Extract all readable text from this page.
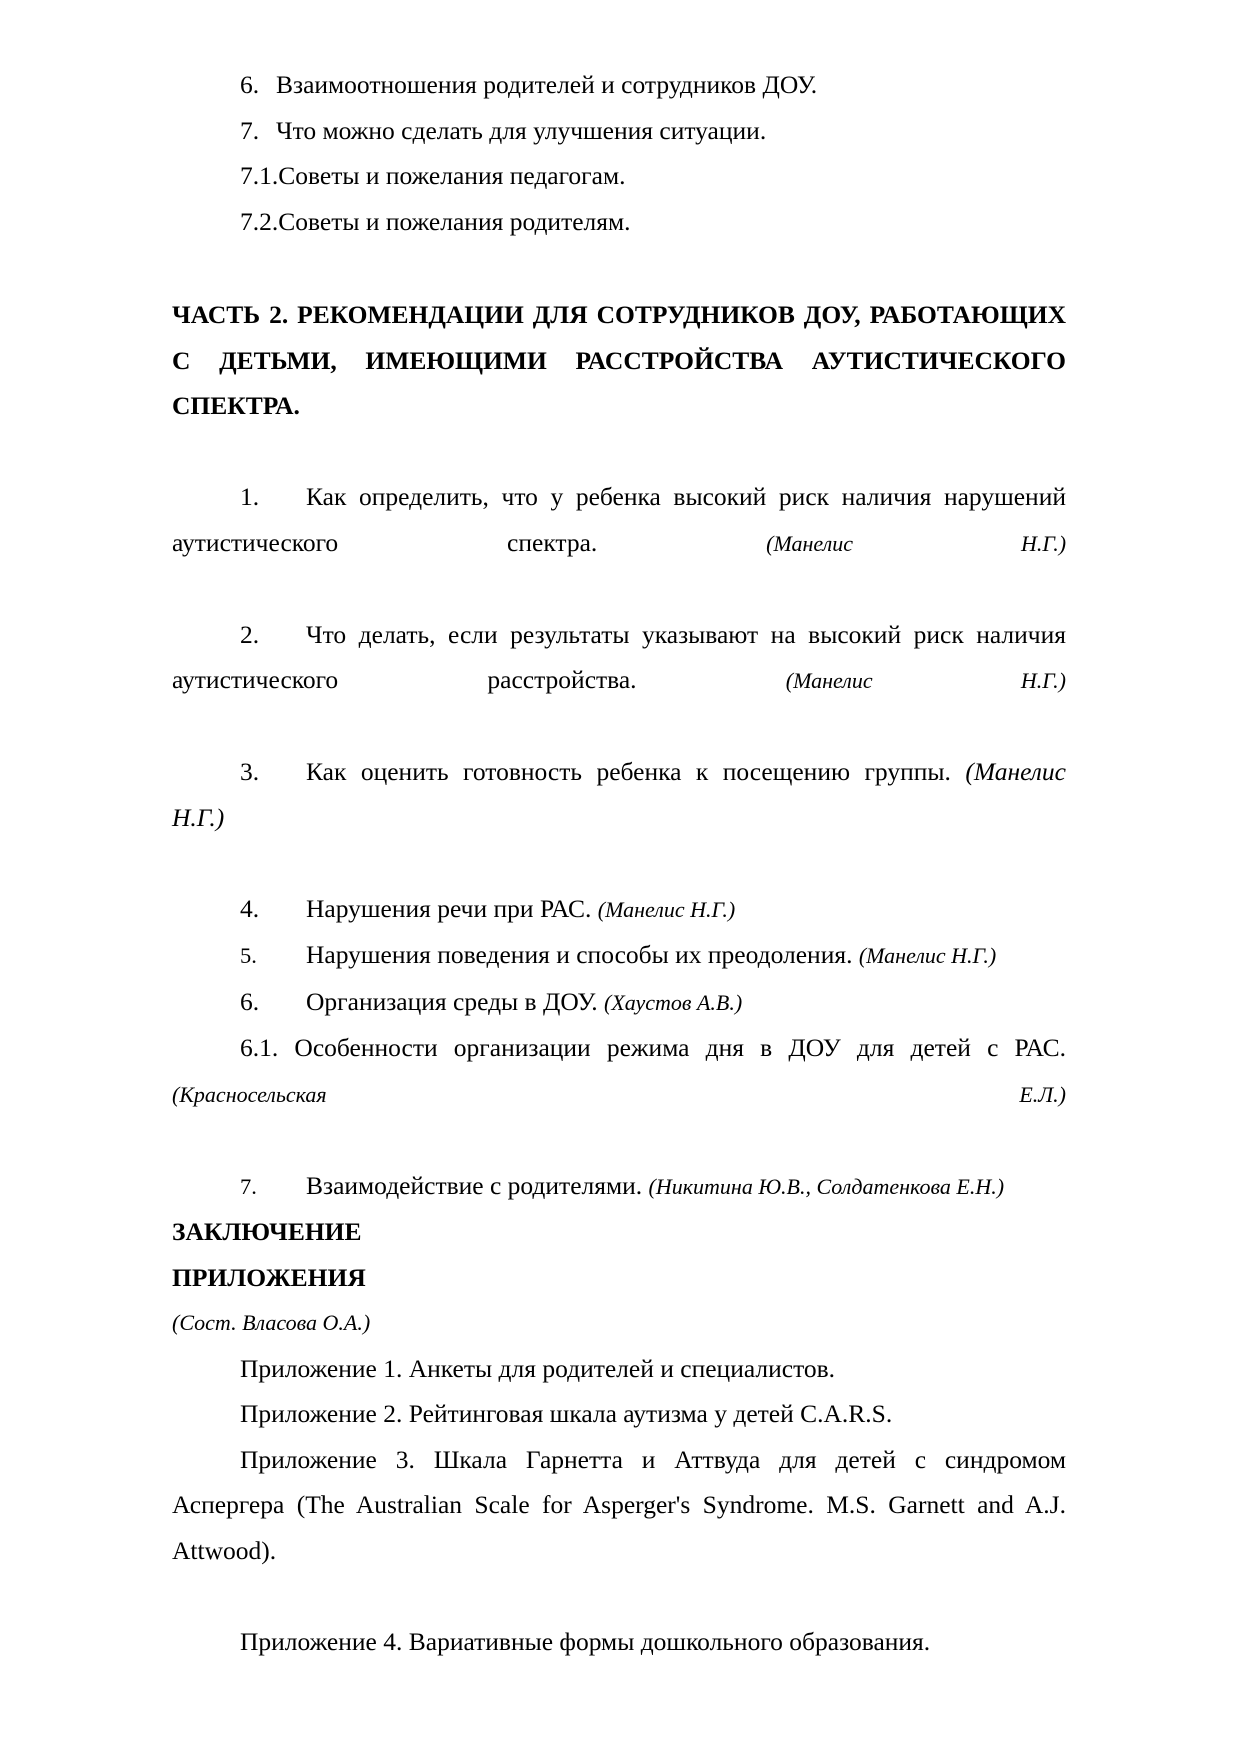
6. Взаимоотношения родителей и сотрудников ДОУ.

7. Что можно сделать для улучшения ситуации.

7.1.Советы и пожелания педагогам.

7.2.Советы и пожелания родителям.

ЧАСТЬ 2. РЕКОМЕНДАЦИИ ДЛЯ СОТРУДНИКОВ ДОУ, РАБОТАЮЩИХ С ДЕТЬМИ, ИМЕЮЩИМИ РАССТРОЙСТВА АУТИСТИЧЕСКОГО СПЕКТРА.

1. Как определить, что у ребенка высокий риск наличия нарушений аутистического спектра.	(Манелис Н.Г.)

2. Что делать, если результаты указывают на высокий риск наличия аутистического расстройства.	(Манелис Н.Г.)

3. Как оценить готовность ребенка к посещению группы. (Манелис Н.Г.)

4. Нарушения речи при РАС. (Манелис Н.Г.)

5. Нарушения поведения и способы их преодоления. (Манелис Н.Г.)

6. Организация среды в ДОУ. (Хаустов А.В.)

6.1. Особенности организации режима дня в ДОУ для детей с РАС. (Красносельская Е.Л.)

7. Взаимодействие с родителями. (Никитина Ю.В., Солдатенкова Е.Н.)

ЗАКЛЮЧЕНИЕ

ПРИЛОЖЕНИЯ

(Сост. Власова О.А.)

Приложение 1. Анкеты для родителей и специалистов.

Приложение 2. Рейтинговая шкала аутизма у детей C.A.R.S.

Приложение 3. Шкала Гарнетта и Аттвуда для детей с синдромом Аспергера (The Australian Scale for Asperger's Syndrome. M.S. Garnett and A.J. Attwood).

Приложение 4. Вариативные формы дошкольного образования.
